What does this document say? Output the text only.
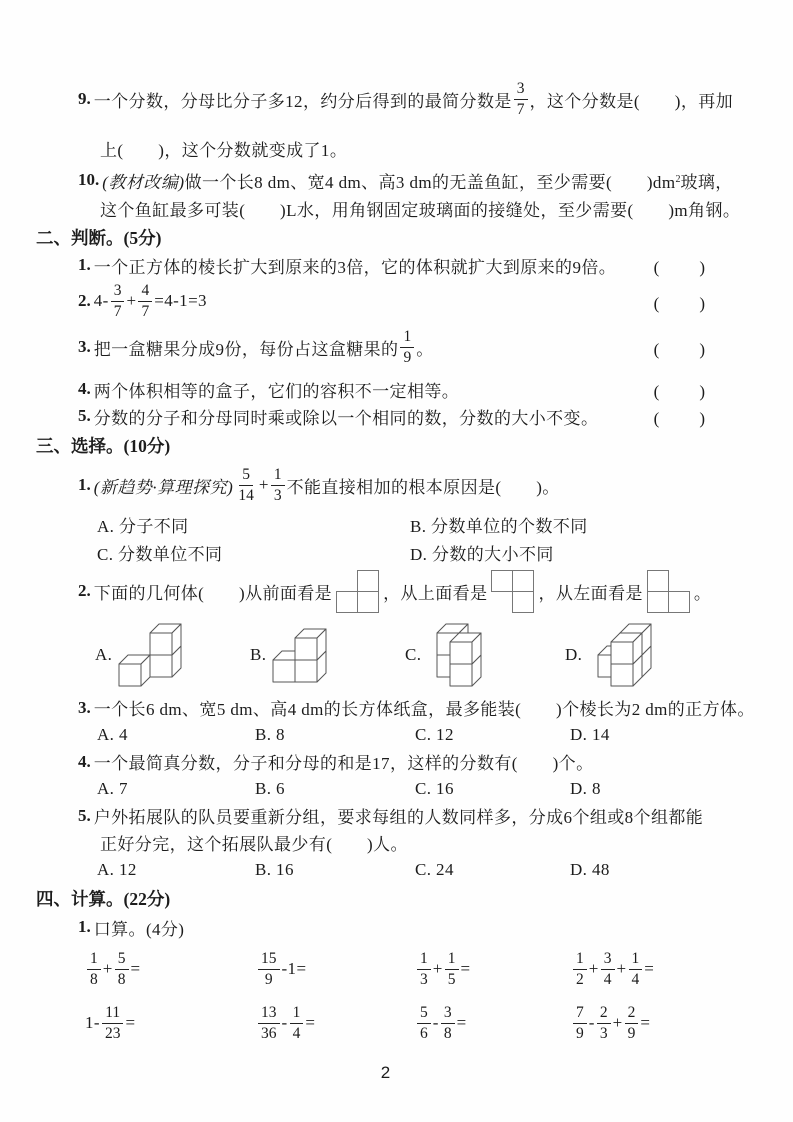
9. 一个分数，分母比分子多12，约分后得到的最简分数是 $\frac{3}{7}$ ，这个分数是(　　)，再加
上(　　)，这个分数就变成了1。
10. (教材改编) 做一个长8 dm、宽4 dm、高3 dm的无盖鱼缸，至少需要(　　)$dm^2$ 玻璃，
这个鱼缸最多可装(　　)L水，用角钢固定玻璃面的接缝处，至少需要(　　)m角钢。
二、判断。(5分)
1. 一个正方体的棱长扩大到原来的3倍，它的体积就扩大到原来的9倍。 (　　)
2. $4- \frac{3}{7} + \frac{4}{7} =4-1=3$	(　　)
3. 把一盒糖果分成9份，每份占这盒糖果的 $\frac{1}{9}$ 。	(　　)
4. 两个体积相等的盒子，它们的容积不一定相等。	(　　)
5. 分数的分子和分母同时乘或除以一个相同的数，分数的大小不变。	(　　)
三、选择。(10分)
1. (新趋势·算理探究) $\frac{5}{14} + \frac{1}{3}$ 不能直接相加的根本原因是(　　)。
A. 分子不同	B. 分数单位的个数不同
C. 分数单位不同	D. 分数的大小不同
2. 下面的几何体(　　)从前面看是	，从上面看是	，从左面看是	。
A.	B.	C.	D.
3. 一个长6 dm、宽5 dm、高4 dm的长方体纸盒，最多能装(　　)个棱长为2 dm的正方体。
A. 4	B. 8	C. 12	D. 14
4. 一个最简真分数，分子和分母的和是17，这样的分数有(　　)个。
A. 7	B. 6	C. 16	D. 8
5. 户外拓展队的队员要重新分组，要求每组的人数同样多，分成6个组或8个组都能
正好分完，这个拓展队最少有(　　)人。
A. 12	B. 16	C. 24	D. 48
四、计算。(22分)
1. 口算。(4分)
$\frac{1}{8} + \frac{5}{8}$ =	$\frac{15}{9} -1=$	$\frac{1}{3} + \frac{1}{5}$ =	$\frac{1}{2} + \frac{3}{4} + \frac{1}{4}$ =
$1- \frac{11}{23}$ =	$\frac{13}{36} - \frac{1}{4}$ =	$\frac{5}{6} - \frac{3}{8}$ =	$\frac{7}{9} - \frac{2}{3} + \frac{2}{9}$ =
2
